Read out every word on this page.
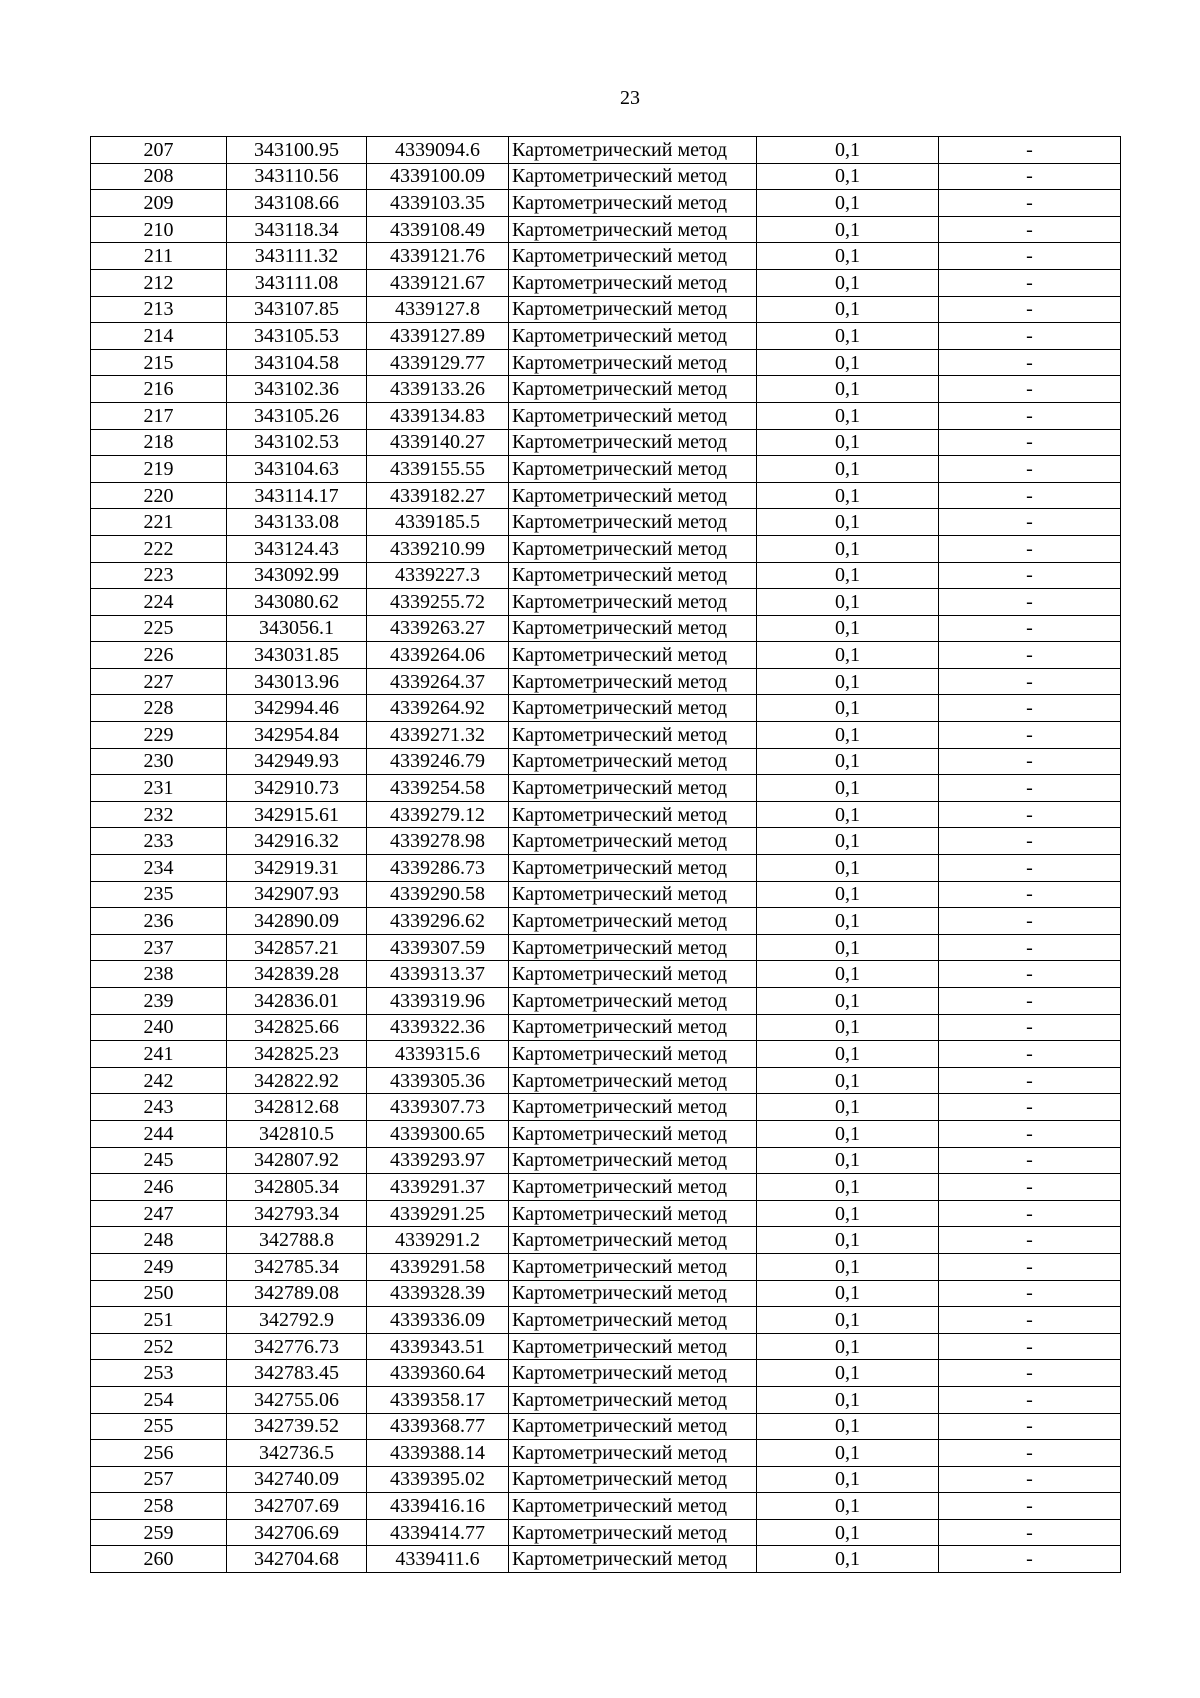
23
207	343100.95	4339094.6	Картометрический метод	0,1	-
208	343110.56	4339100.09	Картометрический метод	0,1	-
209	343108.66	4339103.35	Картометрический метод	0,1	-
210	343118.34	4339108.49	Картометрический метод	0,1	-
211	343111.32	4339121.76	Картометрический метод	0,1	-
212	343111.08	4339121.67	Картометрический метод	0,1	-
213	343107.85	4339127.8	Картометрический метод	0,1	-
214	343105.53	4339127.89	Картометрический метод	0,1	-
215	343104.58	4339129.77	Картометрический метод	0,1	-
216	343102.36	4339133.26	Картометрический метод	0,1	-
217	343105.26	4339134.83	Картометрический метод	0,1	-
218	343102.53	4339140.27	Картометрический метод	0,1	-
219	343104.63	4339155.55	Картометрический метод	0,1	-
220	343114.17	4339182.27	Картометрический метод	0,1	-
221	343133.08	4339185.5	Картометрический метод	0,1	-
222	343124.43	4339210.99	Картометрический метод	0,1	-
223	343092.99	4339227.3	Картометрический метод	0,1	-
224	343080.62	4339255.72	Картометрический метод	0,1	-
225	343056.1	4339263.27	Картометрический метод	0,1	-
226	343031.85	4339264.06	Картометрический метод	0,1	-
227	343013.96	4339264.37	Картометрический метод	0,1	-
228	342994.46	4339264.92	Картометрический метод	0,1	-
229	342954.84	4339271.32	Картометрический метод	0,1	-
230	342949.93	4339246.79	Картометрический метод	0,1	-
231	342910.73	4339254.58	Картометрический метод	0,1	-
232	342915.61	4339279.12	Картометрический метод	0,1	-
233	342916.32	4339278.98	Картометрический метод	0,1	-
234	342919.31	4339286.73	Картометрический метод	0,1	-
235	342907.93	4339290.58	Картометрический метод	0,1	-
236	342890.09	4339296.62	Картометрический метод	0,1	-
237	342857.21	4339307.59	Картометрический метод	0,1	-
238	342839.28	4339313.37	Картометрический метод	0,1	-
239	342836.01	4339319.96	Картометрический метод	0,1	-
240	342825.66	4339322.36	Картометрический метод	0,1	-
241	342825.23	4339315.6	Картометрический метод	0,1	-
242	342822.92	4339305.36	Картометрический метод	0,1	-
243	342812.68	4339307.73	Картометрический метод	0,1	-
244	342810.5	4339300.65	Картометрический метод	0,1	-
245	342807.92	4339293.97	Картометрический метод	0,1	-
246	342805.34	4339291.37	Картометрический метод	0,1	-
247	342793.34	4339291.25	Картометрический метод	0,1	-
248	342788.8	4339291.2	Картометрический метод	0,1	-
249	342785.34	4339291.58	Картометрический метод	0,1	-
250	342789.08	4339328.39	Картометрический метод	0,1	-
251	342792.9	4339336.09	Картометрический метод	0,1	-
252	342776.73	4339343.51	Картометрический метод	0,1	-
253	342783.45	4339360.64	Картометрический метод	0,1	-
254	342755.06	4339358.17	Картометрический метод	0,1	-
255	342739.52	4339368.77	Картометрический метод	0,1	-
256	342736.5	4339388.14	Картометрический метод	0,1	-
257	342740.09	4339395.02	Картометрический метод	0,1	-
258	342707.69	4339416.16	Картометрический метод	0,1	-
259	342706.69	4339414.77	Картометрический метод	0,1	-
260	342704.68	4339411.6	Картометрический метод	0,1	-
